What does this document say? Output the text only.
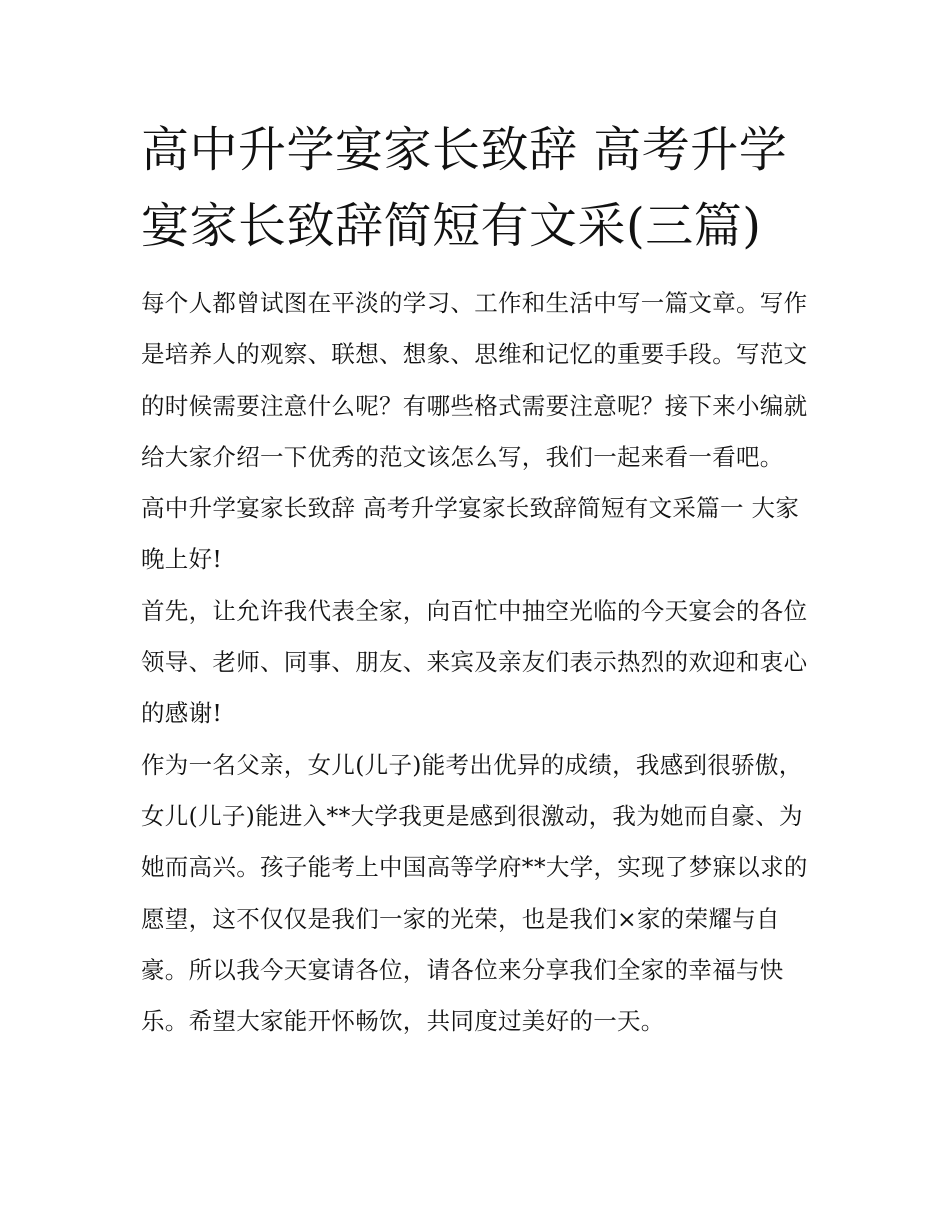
高中升学宴家长致辞 高考升学宴家长致辞简短有文采(三篇)

每个人都曾试图在平淡的学习、工作和生活中写一篇文章。写作是培养人的观察、联想、想象、思维和记忆的重要手段。写范文的时候需要注意什么呢？有哪些格式需要注意呢？接下来小编就给大家介绍一下优秀的范文该怎么写，我们一起来看一看吧。

高中升学宴家长致辞 高考升学宴家长致辞简短有文采篇一 大家晚上好!

首先，让允许我代表全家，向百忙中抽空光临的今天宴会的各位领导、老师、同事、朋友、来宾及亲友们表示热烈的欢迎和衷心的感谢!

作为一名父亲，女儿(儿子)能考出优异的成绩，我感到很骄傲，女儿(儿子)能进入**大学我更是感到很激动，我为她而自豪、为她而高兴。孩子能考上中国高等学府**大学，实现了梦寐以求的愿望，这不仅仅是我们一家的光荣，也是我们×家的荣耀与自豪。所以我今天宴请各位，请各位来分享我们全家的幸福与快乐。希望大家能开怀畅饮，共同度过美好的一天。
